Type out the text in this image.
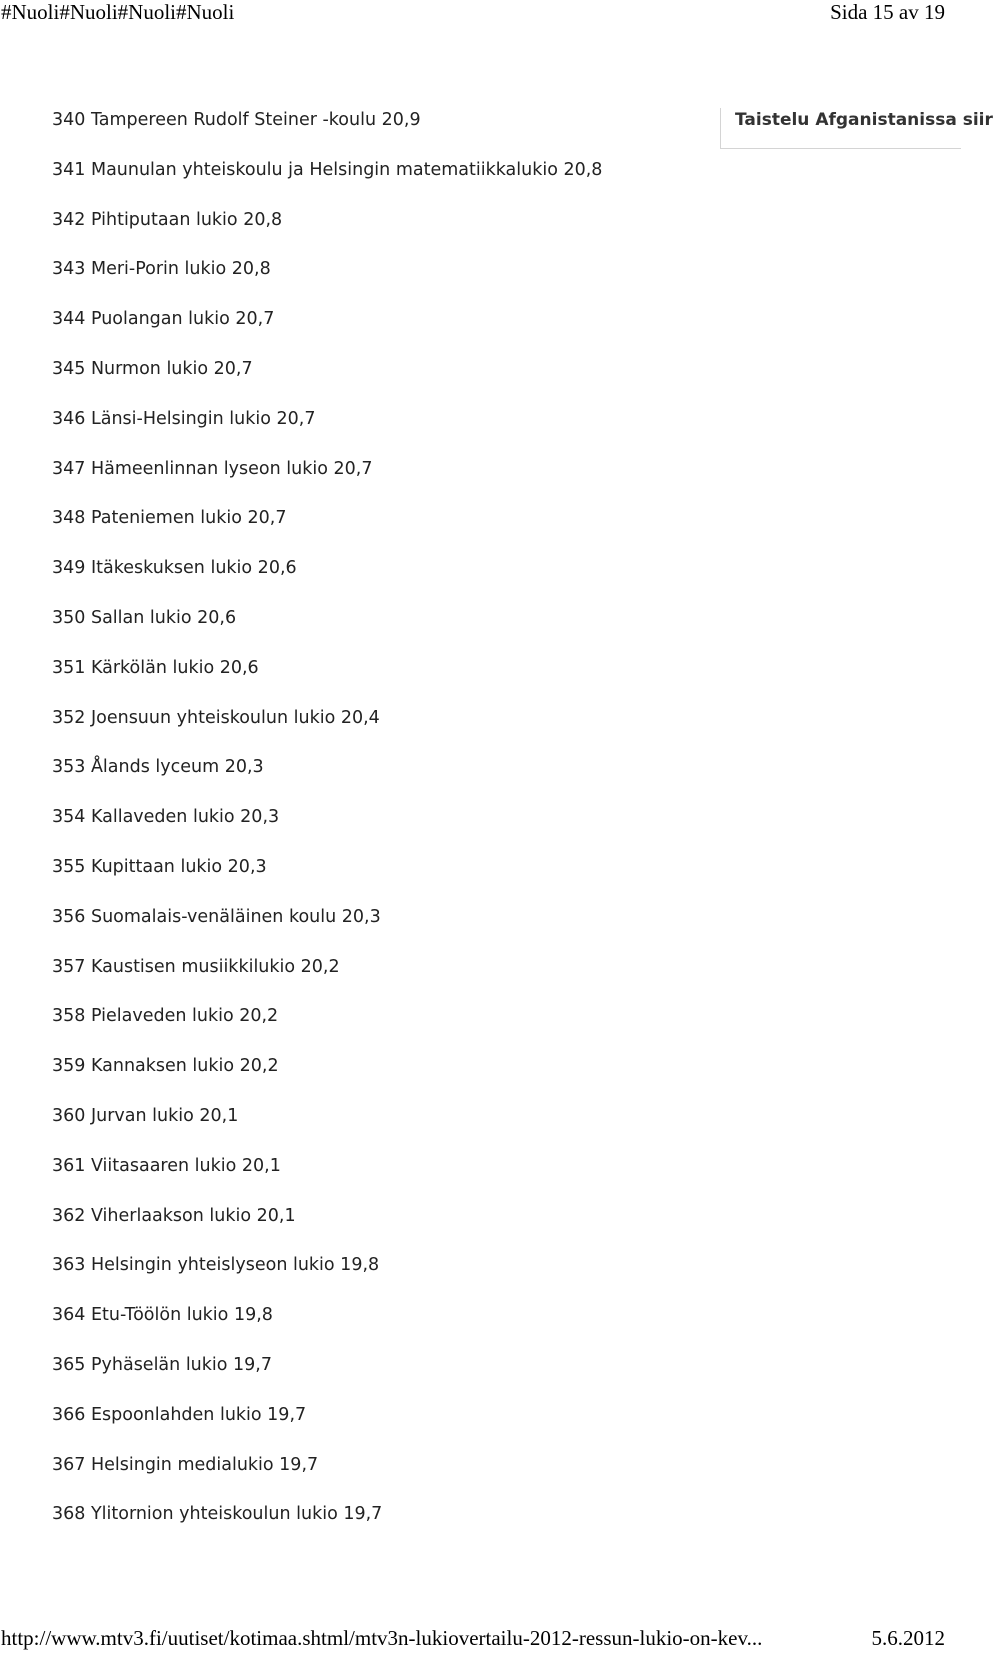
#Nuoli#Nuoli#Nuoli#Nuoli	Sida 15 av 19
340 Tampereen Rudolf Steiner -koulu 20,9
341 Maunulan yhteiskoulu ja Helsingin matematiikkalukio 20,8
342 Pihtiputaan lukio 20,8
343 Meri-Porin lukio 20,8
344 Puolangan lukio 20,7
345 Nurmon lukio 20,7
346 Länsi-Helsingin lukio 20,7
347 Hämeenlinnan lyseon lukio 20,7
348 Pateniemen lukio 20,7
349 Itäkeskuksen lukio 20,6
350 Sallan lukio 20,6
351 Kärkölän lukio 20,6
352 Joensuun yhteiskoulun lukio 20,4
353 Ålands lyceum 20,3
354 Kallaveden lukio 20,3
355 Kupittaan lukio 20,3
356 Suomalais-venäläinen koulu 20,3
357 Kaustisen musiikkilukio 20,2
358 Pielaveden lukio 20,2
359 Kannaksen lukio 20,2
360 Jurvan lukio 20,1
361 Viitasaaren lukio 20,1
362 Viherlaakson lukio 20,1
363 Helsingin yhteislyseon lukio 19,8
364 Etu-Töölön lukio 19,8
365 Pyhäselän lukio 19,7
366 Espoonlahden lukio 19,7
367 Helsingin medialukio 19,7
368 Ylitornion yhteiskoulun lukio 19,7
Taistelu Afganistanissa siir
http://www.mtv3.fi/uutiset/kotimaa.shtml/mtv3n-lukiovertailu-2012-ressun-lukio-on-kev...	5.6.2012
